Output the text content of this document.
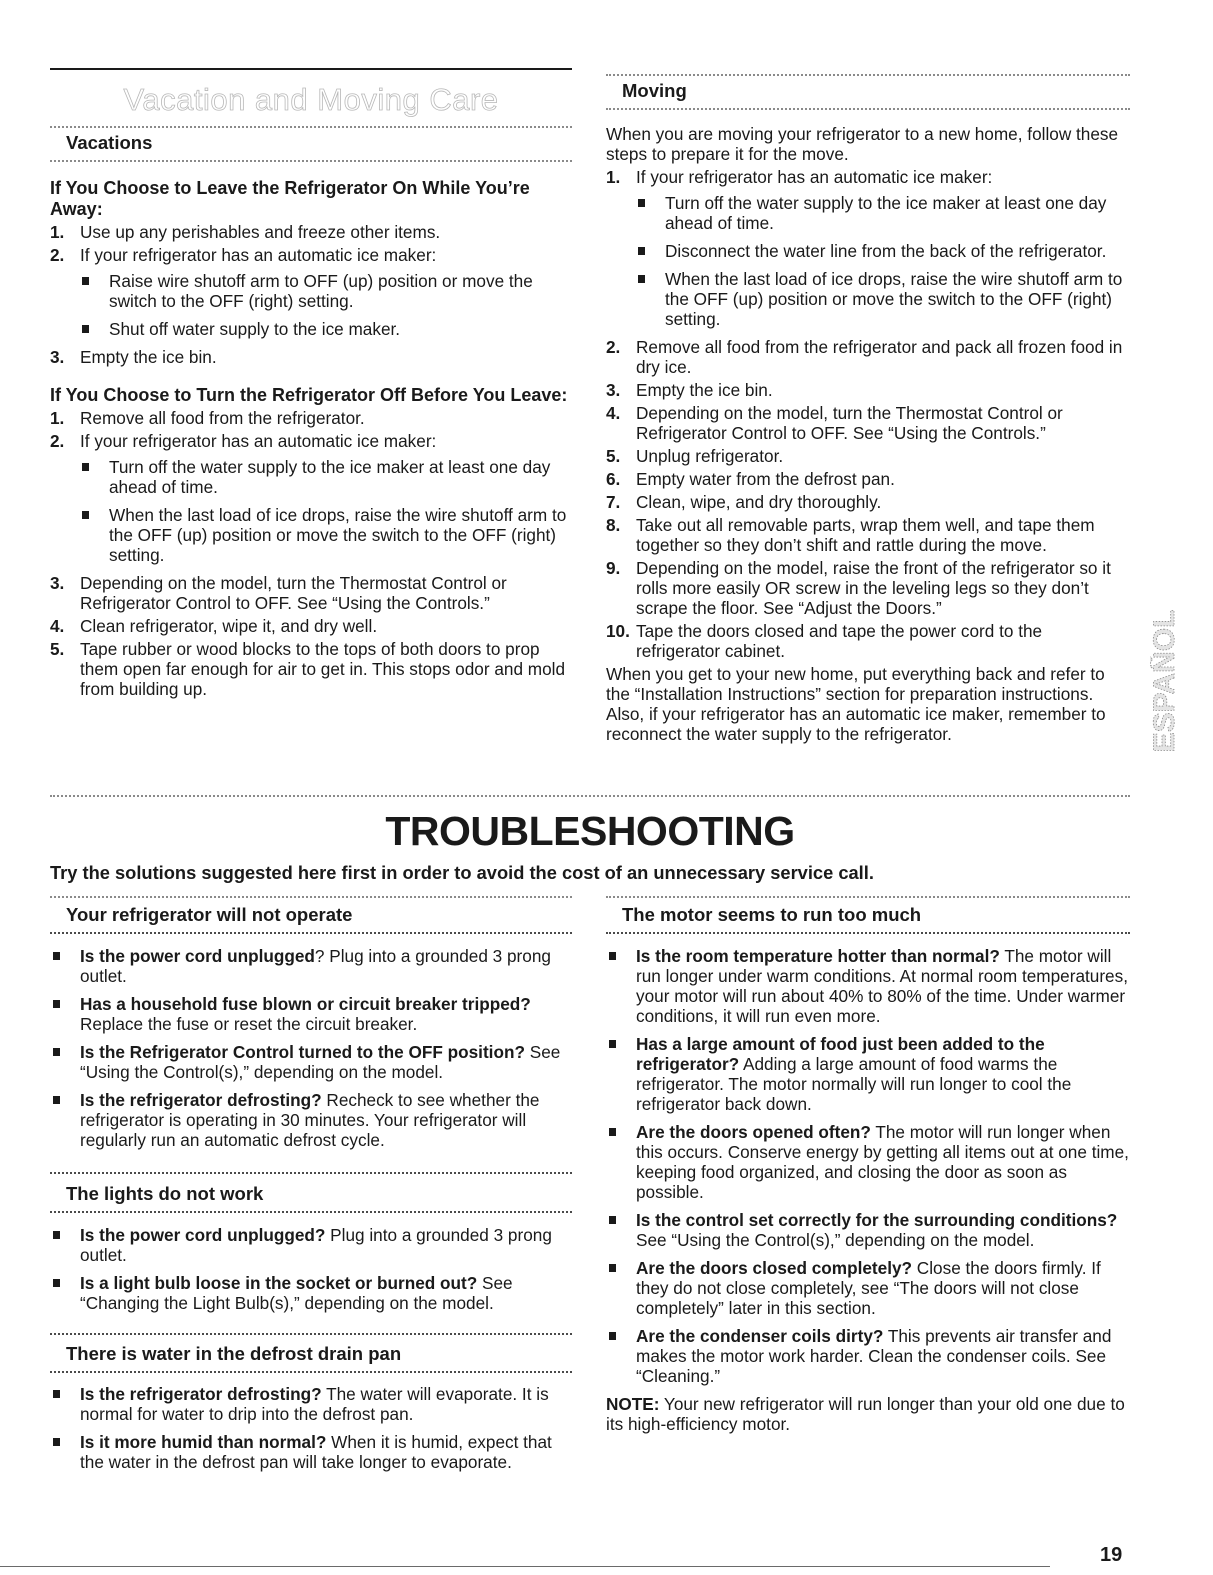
Vacation and Moving Care

Vacations

If You Choose to Leave the Refrigerator On While You’re Away:

1. Use up any perishables and freeze other items.
2. If your refrigerator has an automatic ice maker:
Raise wire shutoff arm to OFF (up) position or move the switch to the OFF (right) setting.
Shut off water supply to the ice maker.
3. Empty the ice bin.

If You Choose to Turn the Refrigerator Off Before You Leave:

1. Remove all food from the refrigerator.
2. If your refrigerator has an automatic ice maker:
Turn off the water supply to the ice maker at least one day ahead of time.
When the last load of ice drops, raise the wire shutoff arm to the OFF (up) position or move the switch to the OFF (right) setting.
3. Depending on the model, turn the Thermostat Control or Refrigerator Control to OFF. See “Using the Controls.”
4. Clean refrigerator, wipe it, and dry well.
5. Tape rubber or wood blocks to the tops of both doors to prop them open far enough for air to get in. This stops odor and mold from building up.

Moving

When you are moving your refrigerator to a new home, follow these steps to prepare it for the move.

1. If your refrigerator has an automatic ice maker:
Turn off the water supply to the ice maker at least one day ahead of time.
Disconnect the water line from the back of the refrigerator.
When the last load of ice drops, raise the wire shutoff arm to the OFF (up) position or move the switch to the OFF (right) setting.
2. Remove all food from the refrigerator and pack all frozen food in dry ice.
3. Empty the ice bin.
4. Depending on the model, turn the Thermostat Control or Refrigerator Control to OFF. See “Using the Controls.”
5. Unplug refrigerator.
6. Empty water from the defrost pan.
7. Clean, wipe, and dry thoroughly.
8. Take out all removable parts, wrap them well, and tape them together so they don’t shift and rattle during the move.
9. Depending on the model, raise the front of the refrigerator so it rolls more easily OR screw in the leveling legs so they don’t scrape the floor. See “Adjust the Doors.”
10. Tape the doors closed and tape the power cord to the refrigerator cabinet.

When you get to your new home, put everything back and refer to the “Installation Instructions” section for preparation instructions. Also, if your refrigerator has an automatic ice maker, remember to reconnect the water supply to the refrigerator.	ESPAÑOL
TROUBLESHOOTING
Try the solutions suggested here first in order to avoid the cost of an unnecessary service call.

Your refrigerator will not operate

Is the power cord unplugged? Plug into a grounded 3 prong outlet.
Has a household fuse blown or circuit breaker tripped? Replace the fuse or reset the circuit breaker.
Is the Refrigerator Control turned to the OFF position? See “Using the Control(s),” depending on the model.
Is the refrigerator defrosting? Recheck to see whether the refrigerator is operating in 30 minutes. Your refrigerator will regularly run an automatic defrost cycle.

The lights do not work

Is the power cord unplugged? Plug into a grounded 3 prong outlet.
Is a light bulb loose in the socket or burned out? See “Changing the Light Bulb(s),” depending on the model.

There is water in the defrost drain pan

Is the refrigerator defrosting? The water will evaporate. It is normal for water to drip into the defrost pan.
Is it more humid than normal? When it is humid, expect that the water in the defrost pan will take longer to evaporate.

The motor seems to run too much

Is the room temperature hotter than normal? The motor will run longer under warm conditions. At normal room temperatures, your motor will run about 40% to 80% of the time. Under warmer conditions, it will run even more.
Has a large amount of food just been added to the refrigerator? Adding a large amount of food warms the refrigerator. The motor normally will run longer to cool the refrigerator back down.
Are the doors opened often? The motor will run longer when this occurs. Conserve energy by getting all items out at one time, keeping food organized, and closing the door as soon as possible.
Is the control set correctly for the surrounding conditions? See “Using the Control(s),” depending on the model.
Are the doors closed completely? Close the doors firmly. If they do not close completely, see “The doors will not close completely” later in this section.
Are the condenser coils dirty? This prevents air transfer and makes the motor work harder. Clean the condenser coils. See “Cleaning.”

NOTE: Your new refrigerator will run longer than your old one due to its high-efficiency motor.

19
